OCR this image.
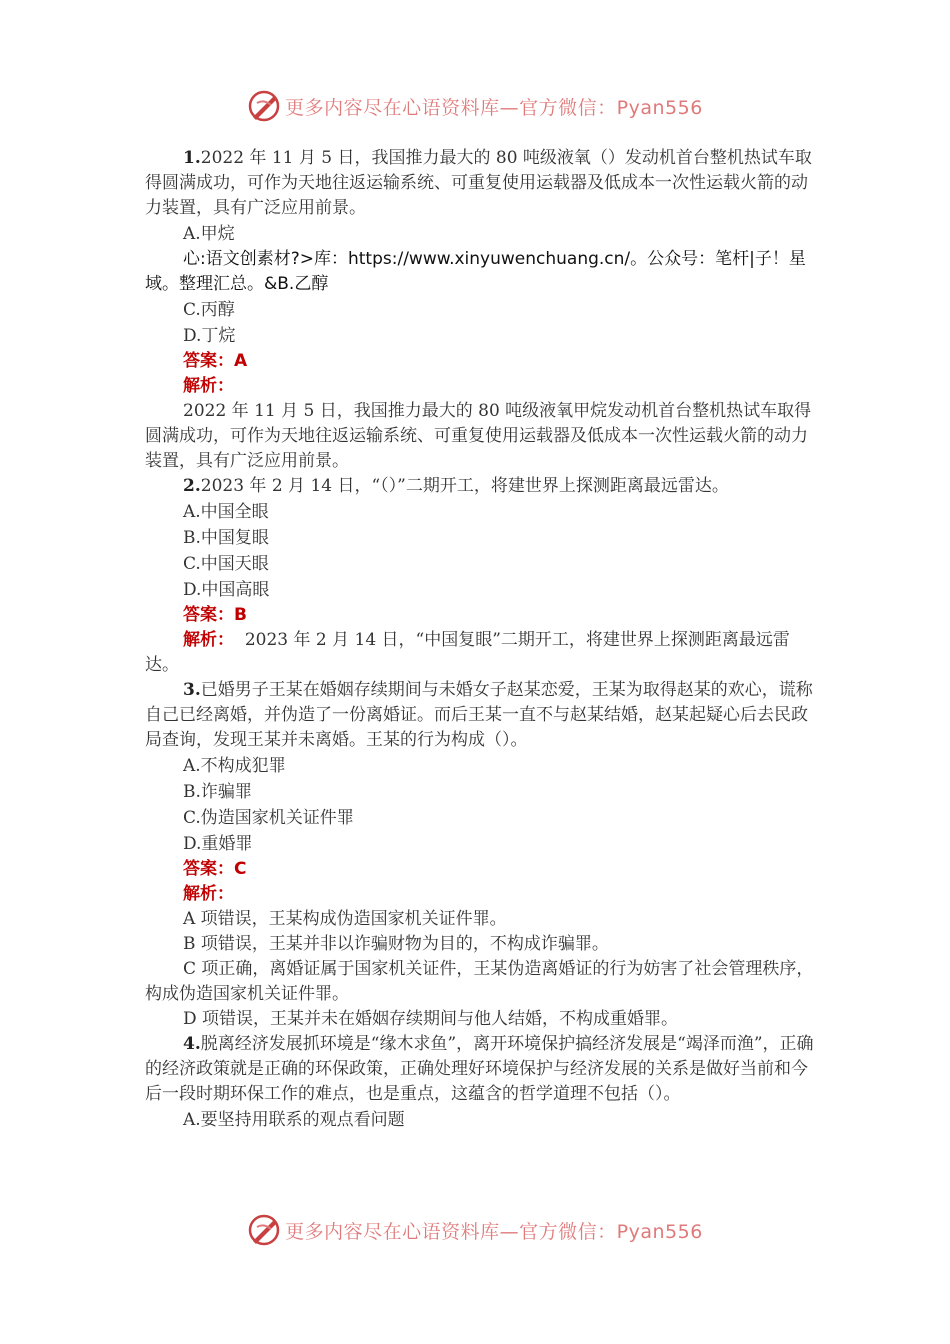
更多内容尽在心语资料库—官方微信：Pyan556

1.2022 年 11 月 5 日，我国推力最大的 80 吨级液氧（）发动机首台整机热试车取得圆满成功，可作为天地往返运输系统、可重复使用运载器及低成本一次性运载火箭的动力装置，具有广泛应用前景。

A.甲烷

心:语文创素材?>库：https://www.xinyuwenchuang.cn/。公众号：笔杆|子！星域。整理汇总。&B.乙醇

C.丙醇

D.丁烷

答案：A

解析：

2022 年 11 月 5 日，我国推力最大的 80 吨级液氧甲烷发动机首台整机热试车取得圆满成功，可作为天地往返运输系统、可重复使用运载器及低成本一次性运载火箭的动力装置，具有广泛应用前景。

2.2023 年 2 月 14 日，“（）”二期开工，将建世界上探测距离最远雷达。

A.中国全眼

B.中国复眼

C.中国天眼

D.中国高眼

答案：B

解析： 2023 年 2 月 14 日，“中国复眼”二期开工，将建世界上探测距离最远雷达。

3.已婚男子王某在婚姻存续期间与未婚女子赵某恋爱，王某为取得赵某的欢心，谎称自己已经离婚，并伪造了一份离婚证。而后王某一直不与赵某结婚，赵某起疑心后去民政局查询，发现王某并未离婚。王某的行为构成（）。

A.不构成犯罪

B.诈骗罪

C.伪造国家机关证件罪

D.重婚罪

答案：C

解析：

A 项错误，王某构成伪造国家机关证件罪。

B 项错误，王某并非以诈骗财物为目的，不构成诈骗罪。

C 项正确，离婚证属于国家机关证件，王某伪造离婚证的行为妨害了社会管理秩序，构成伪造国家机关证件罪。

D 项错误，王某并未在婚姻存续期间与他人结婚，不构成重婚罪。

4.脱离经济发展抓环境是“缘木求鱼”，离开环境保护搞经济发展是“竭泽而渔”，正确的经济政策就是正确的环保政策，正确处理好环境保护与经济发展的关系是做好当前和今后一段时期环保工作的难点，也是重点，这蕴含的哲学道理不包括（）。

A.要坚持用联系的观点看问题

更多内容尽在心语资料库—官方微信：Pyan556
